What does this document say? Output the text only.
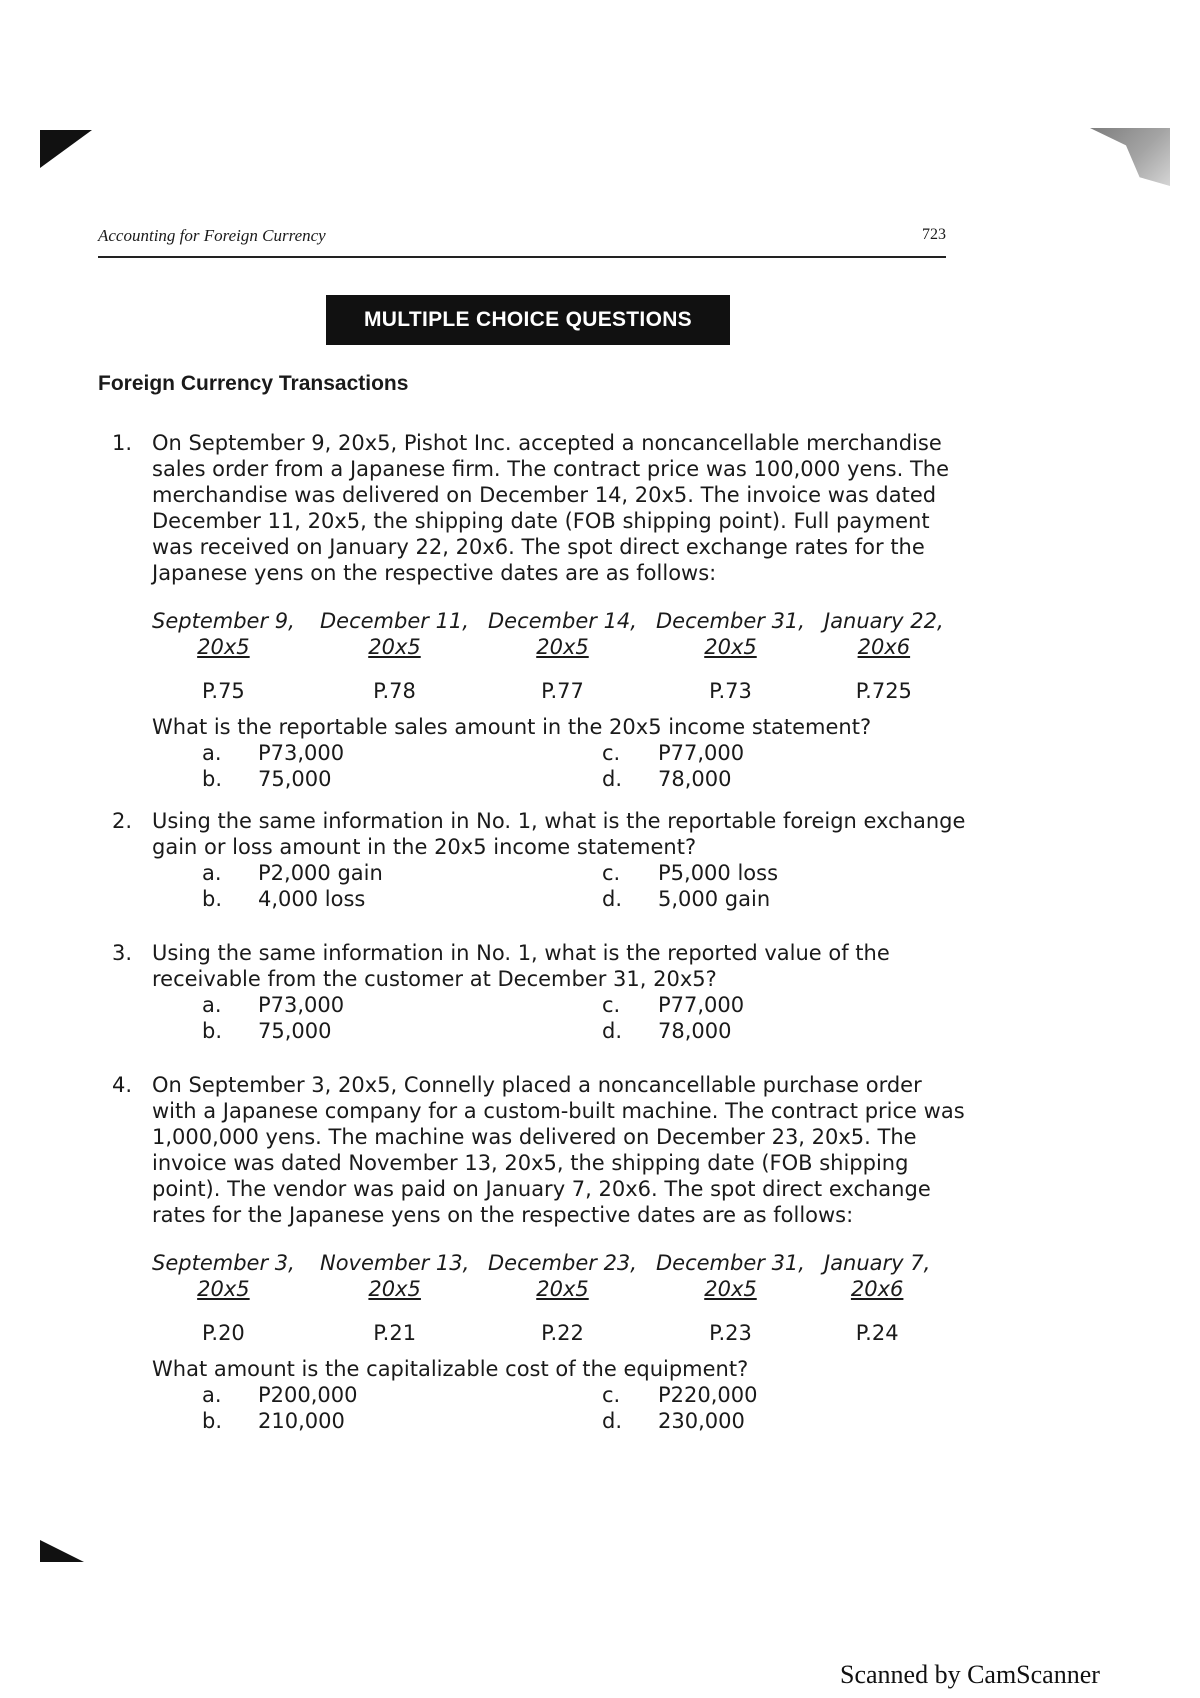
Accounting for Foreign Currency	723
MULTIPLE CHOICE QUESTIONS
Foreign Currency Transactions
1. On September 9, 20x5, Pishot Inc. accepted a noncancellable merchandise sales order from a Japanese firm. The contract price was 100,000 yens. The merchandise was delivered on December 14, 20x5. The invoice was dated December 11, 20x5, the shipping date (FOB shipping point). Full payment was received on January 22, 20x6. The spot direct exchange rates for the Japanese yens on the respective dates are as follows:
September 9,
20x5
P.75
December 11,
20x5
P.78
December 14,
20x5
P.77
December 31,
20x5
P.73
January 22,
20x6
P.725
What is the reportable sales amount in the 20x5 income statement?
a. P73,000
b. 75,000
c. P77,000
d. 78,000
2. Using the same information in No. 1, what is the reportable foreign exchange gain or loss amount in the 20x5 income statement?
a. P2,000 gain
b. 4,000 loss
c. P5,000 loss
d. 5,000 gain
3. Using the same information in No. 1, what is the reported value of the receivable from the customer at December 31, 20x5?
a. P73,000
b. 75,000
c. P77,000
d. 78,000
4. On September 3, 20x5, Connelly placed a noncancellable purchase order with a Japanese company for a custom-built machine. The contract price was 1,000,000 yens. The machine was delivered on December 23, 20x5. The invoice was dated November 13, 20x5, the shipping date (FOB shipping point). The vendor was paid on January 7, 20x6. The spot direct exchange rates for the Japanese yens on the respective dates are as follows:
September 3,
20x5
P.20
November 13,
20x5
P.21
December 23,
20x5
P.22
December 31,
20x5
P.23
January 7,
20x6
P.24
What amount is the capitalizable cost of the equipment?
a. P200,000
b. 210,000
c. P220,000
d. 230,000
Scanned by CamScanner
